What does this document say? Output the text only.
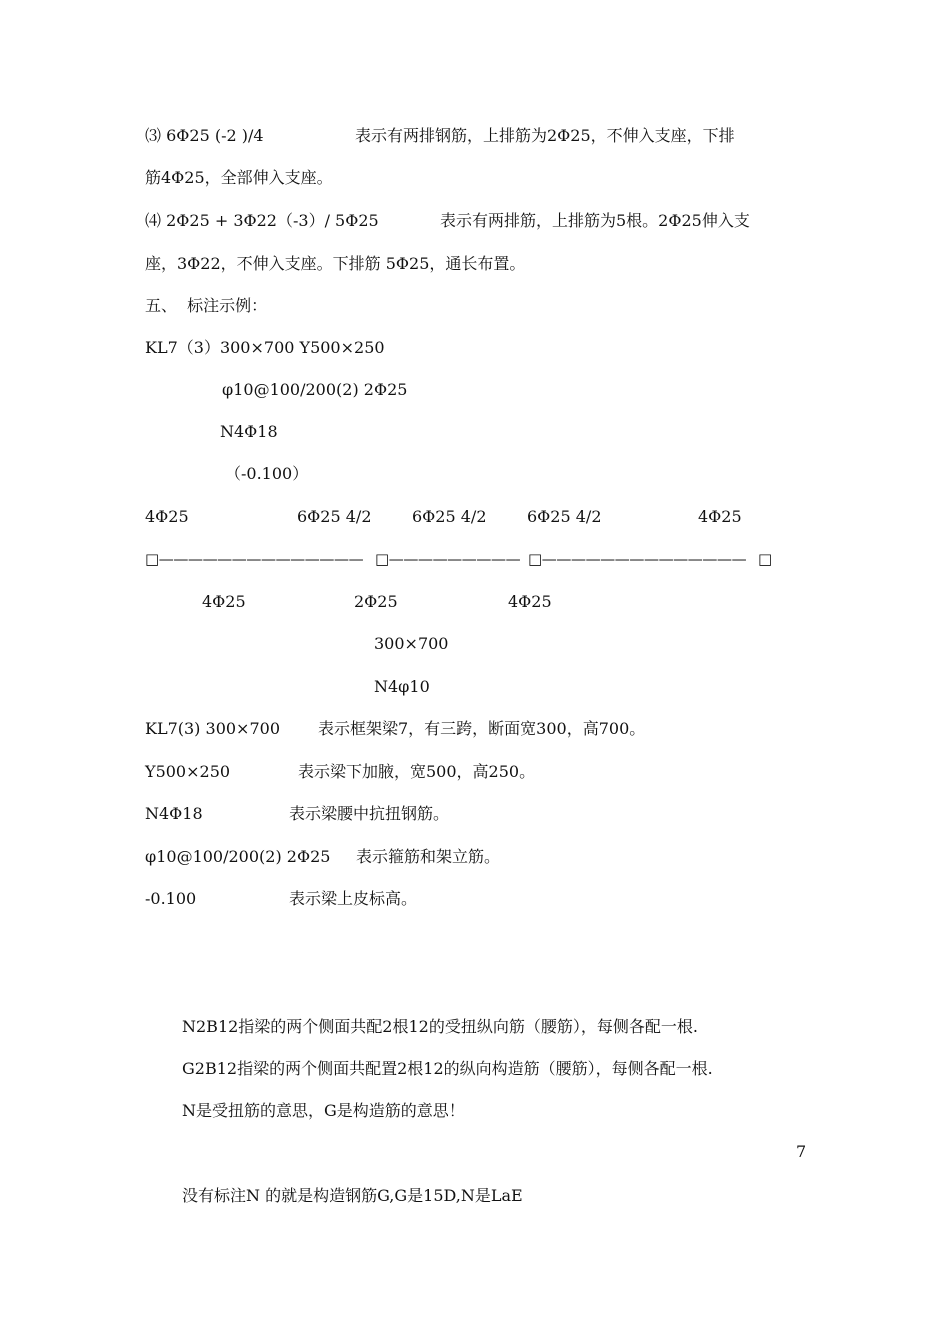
⑶ 6Φ25 (-2 )/4	表示有两排钢筋，上排筋为2Φ25，不伸入支座，下排
筋4Φ25，全部伸入支座。
⑷ 2Φ25 + 3Φ22（-3）/ 5Φ25	表示有两排筋，上排筋为5根。2Φ25伸入支
座，3Φ22，不伸入支座。下排筋 5Φ25，通长布置。
五、  标注示例：
KL7（3）300×700 Y500×250
φ10@100/200(2) 2Φ25
N4Φ18
（-0.100）
4Φ25	6Φ25 4/2	6Φ25 4/2	6Φ25 4/2	4Φ25
□—————————————— □————————— □—————————————— □
4Φ25	2Φ25	4Φ25
300×700
N4φ10
KL7(3) 300×700 表示框架梁7，有三跨，断面宽300，高700。
Y500×250	表示梁下加腋，宽500，高250。
N4Φ18	表示梁腰中抗扭钢筋。
φ10@100/200(2) 2Φ25 表示箍筋和架立筋。
-0.100	表示梁上皮标高。
N2B12指梁的两个侧面共配2根12的受扭纵向筋（腰筋），每侧各配一根.
G2B12指梁的两个侧面共配置2根12的纵向构造筋（腰筋），每侧各配一根.
N是受扭筋的意思，G是构造筋的意思！
7
没有标注N 的就是构造钢筋G,G是15D,N是LaE
